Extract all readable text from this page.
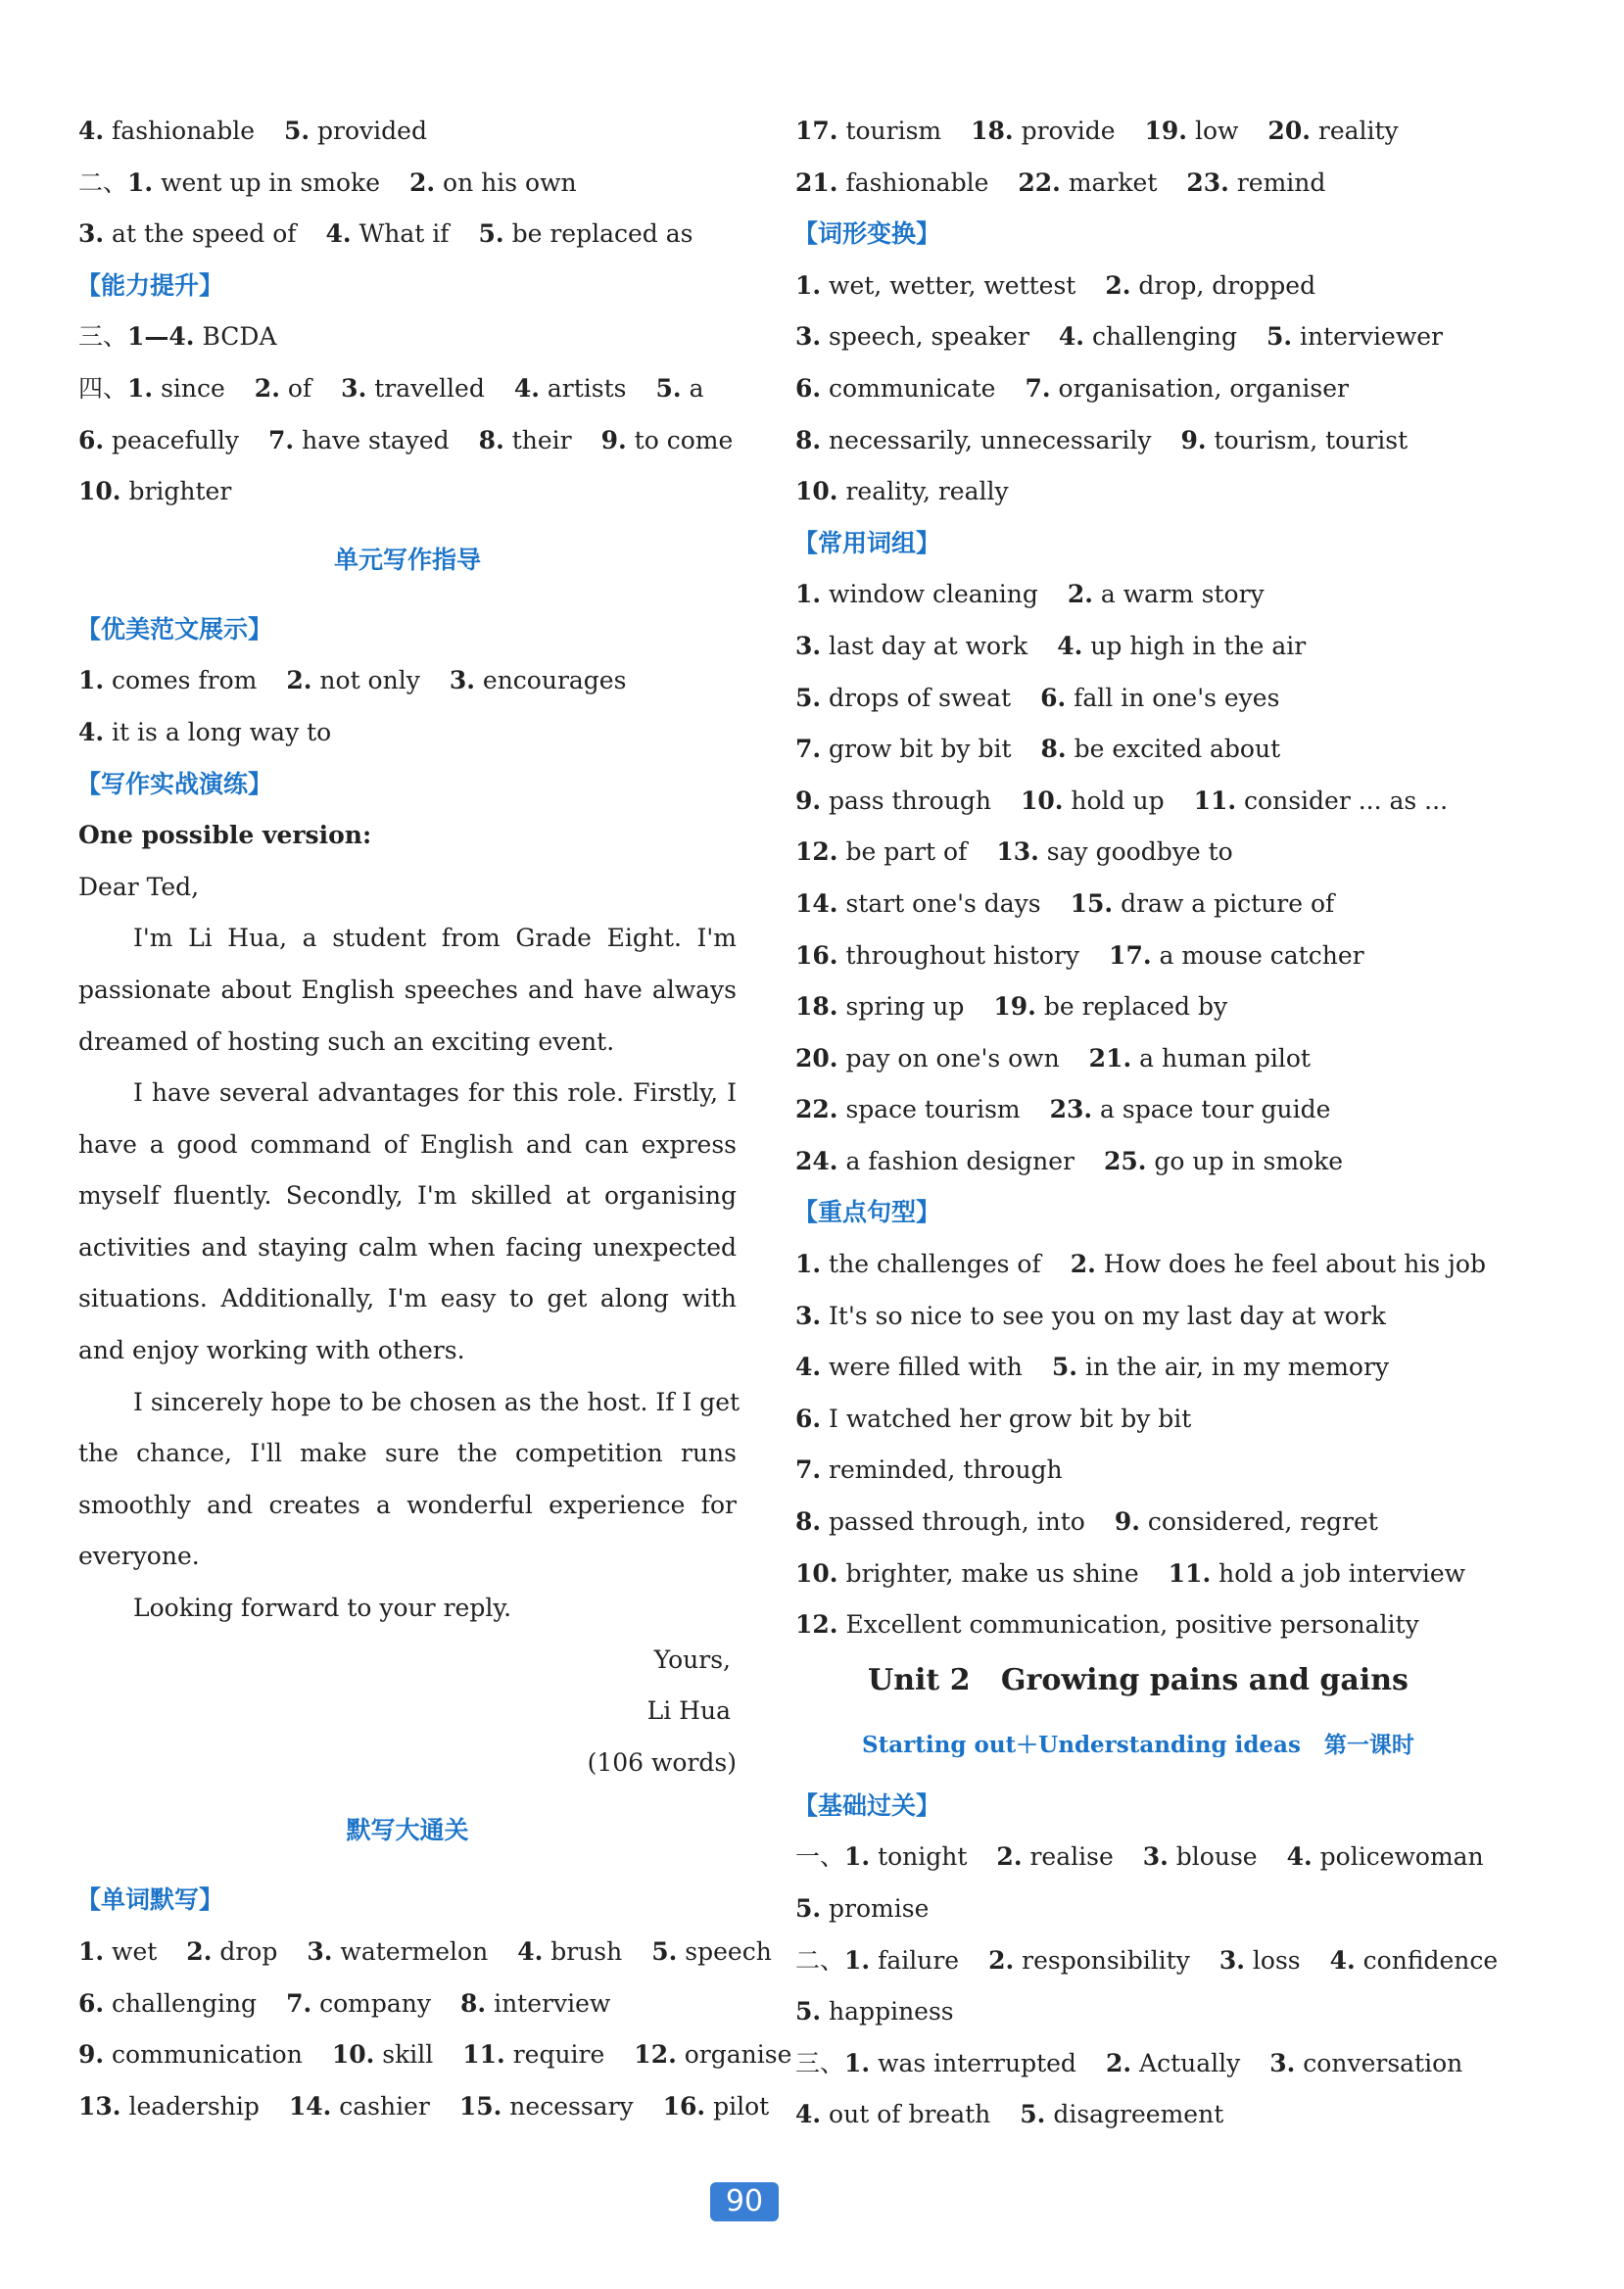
4. fashionable 5. provided
二、1. went up in smoke 2. on his own
3. at the speed of 4. What if 5. be replaced as
【能力提升】
三、1—4. BCDA
四、1. since 2. of 3. travelled 4. artists 5. a
6. peacefully 7. have stayed 8. their 9. to come
10. brighter
单元写作指导
【优美范文展示】
1. comes from 2. not only 3. encourages
4. it is a long way to
【写作实战演练】
One possible version:
Dear Ted,
I'm Li Hua, a student from Grade Eight. I'm
passionate about English speeches and have always
dreamed of hosting such an exciting event.
I have several advantages for this role. Firstly, I
have a good command of English and can express
myself fluently. Secondly, I'm skilled at organising
activities and staying calm when facing unexpected
situations. Additionally, I'm easy to get along with
and enjoy working with others.
I sincerely hope to be chosen as the host. If I get
the chance, I'll make sure the competition runs
smoothly and creates a wonderful experience for
everyone.
Looking forward to your reply.
Yours,
Li Hua
(106 words)
默写大通关
【单词默写】
1. wet 2. drop 3. watermelon 4. brush 5. speech
6. challenging 7. company 8. interview
9. communication 10. skill 11. require 12. organise
13. leadership 14. cashier 15. necessary 16. pilot
17. tourism 18. provide 19. low 20. reality
21. fashionable 22. market 23. remind
【词形变换】
1. wet, wetter, wettest 2. drop, dropped
3. speech, speaker 4. challenging 5. interviewer
6. communicate 7. organisation, organiser
8. necessarily, unnecessarily 9. tourism, tourist
10. reality, really
【常用词组】
1. window cleaning 2. a warm story
3. last day at work 4. up high in the air
5. drops of sweat 6. fall in one's eyes
7. grow bit by bit 8. be excited about
9. pass through 10. hold up 11. consider ... as ...
12. be part of 13. say goodbye to
14. start one's days 15. draw a picture of
16. throughout history 17. a mouse catcher
18. spring up 19. be replaced by
20. pay on one's own 21. a human pilot
22. space tourism 23. a space tour guide
24. a fashion designer 25. go up in smoke
【重点句型】
1. the challenges of 2. How does he feel about his job
3. It's so nice to see you on my last day at work
4. were filled with 5. in the air, in my memory
6. I watched her grow bit by bit
7. reminded, through
8. passed through, into 9. considered, regret
10. brighter, make us shine 11. hold a job interview
12. Excellent communication, positive personality
Unit 2   Growing pains and gains
Starting out＋Understanding ideas   第一课时
【基础过关】
一、1. tonight 2. realise 3. blouse 4. policewoman
5. promise
二、1. failure 2. responsibility 3. loss 4. confidence
5. happiness
三、1. was interrupted 2. Actually 3. conversation
4. out of breath 5. disagreement
90
